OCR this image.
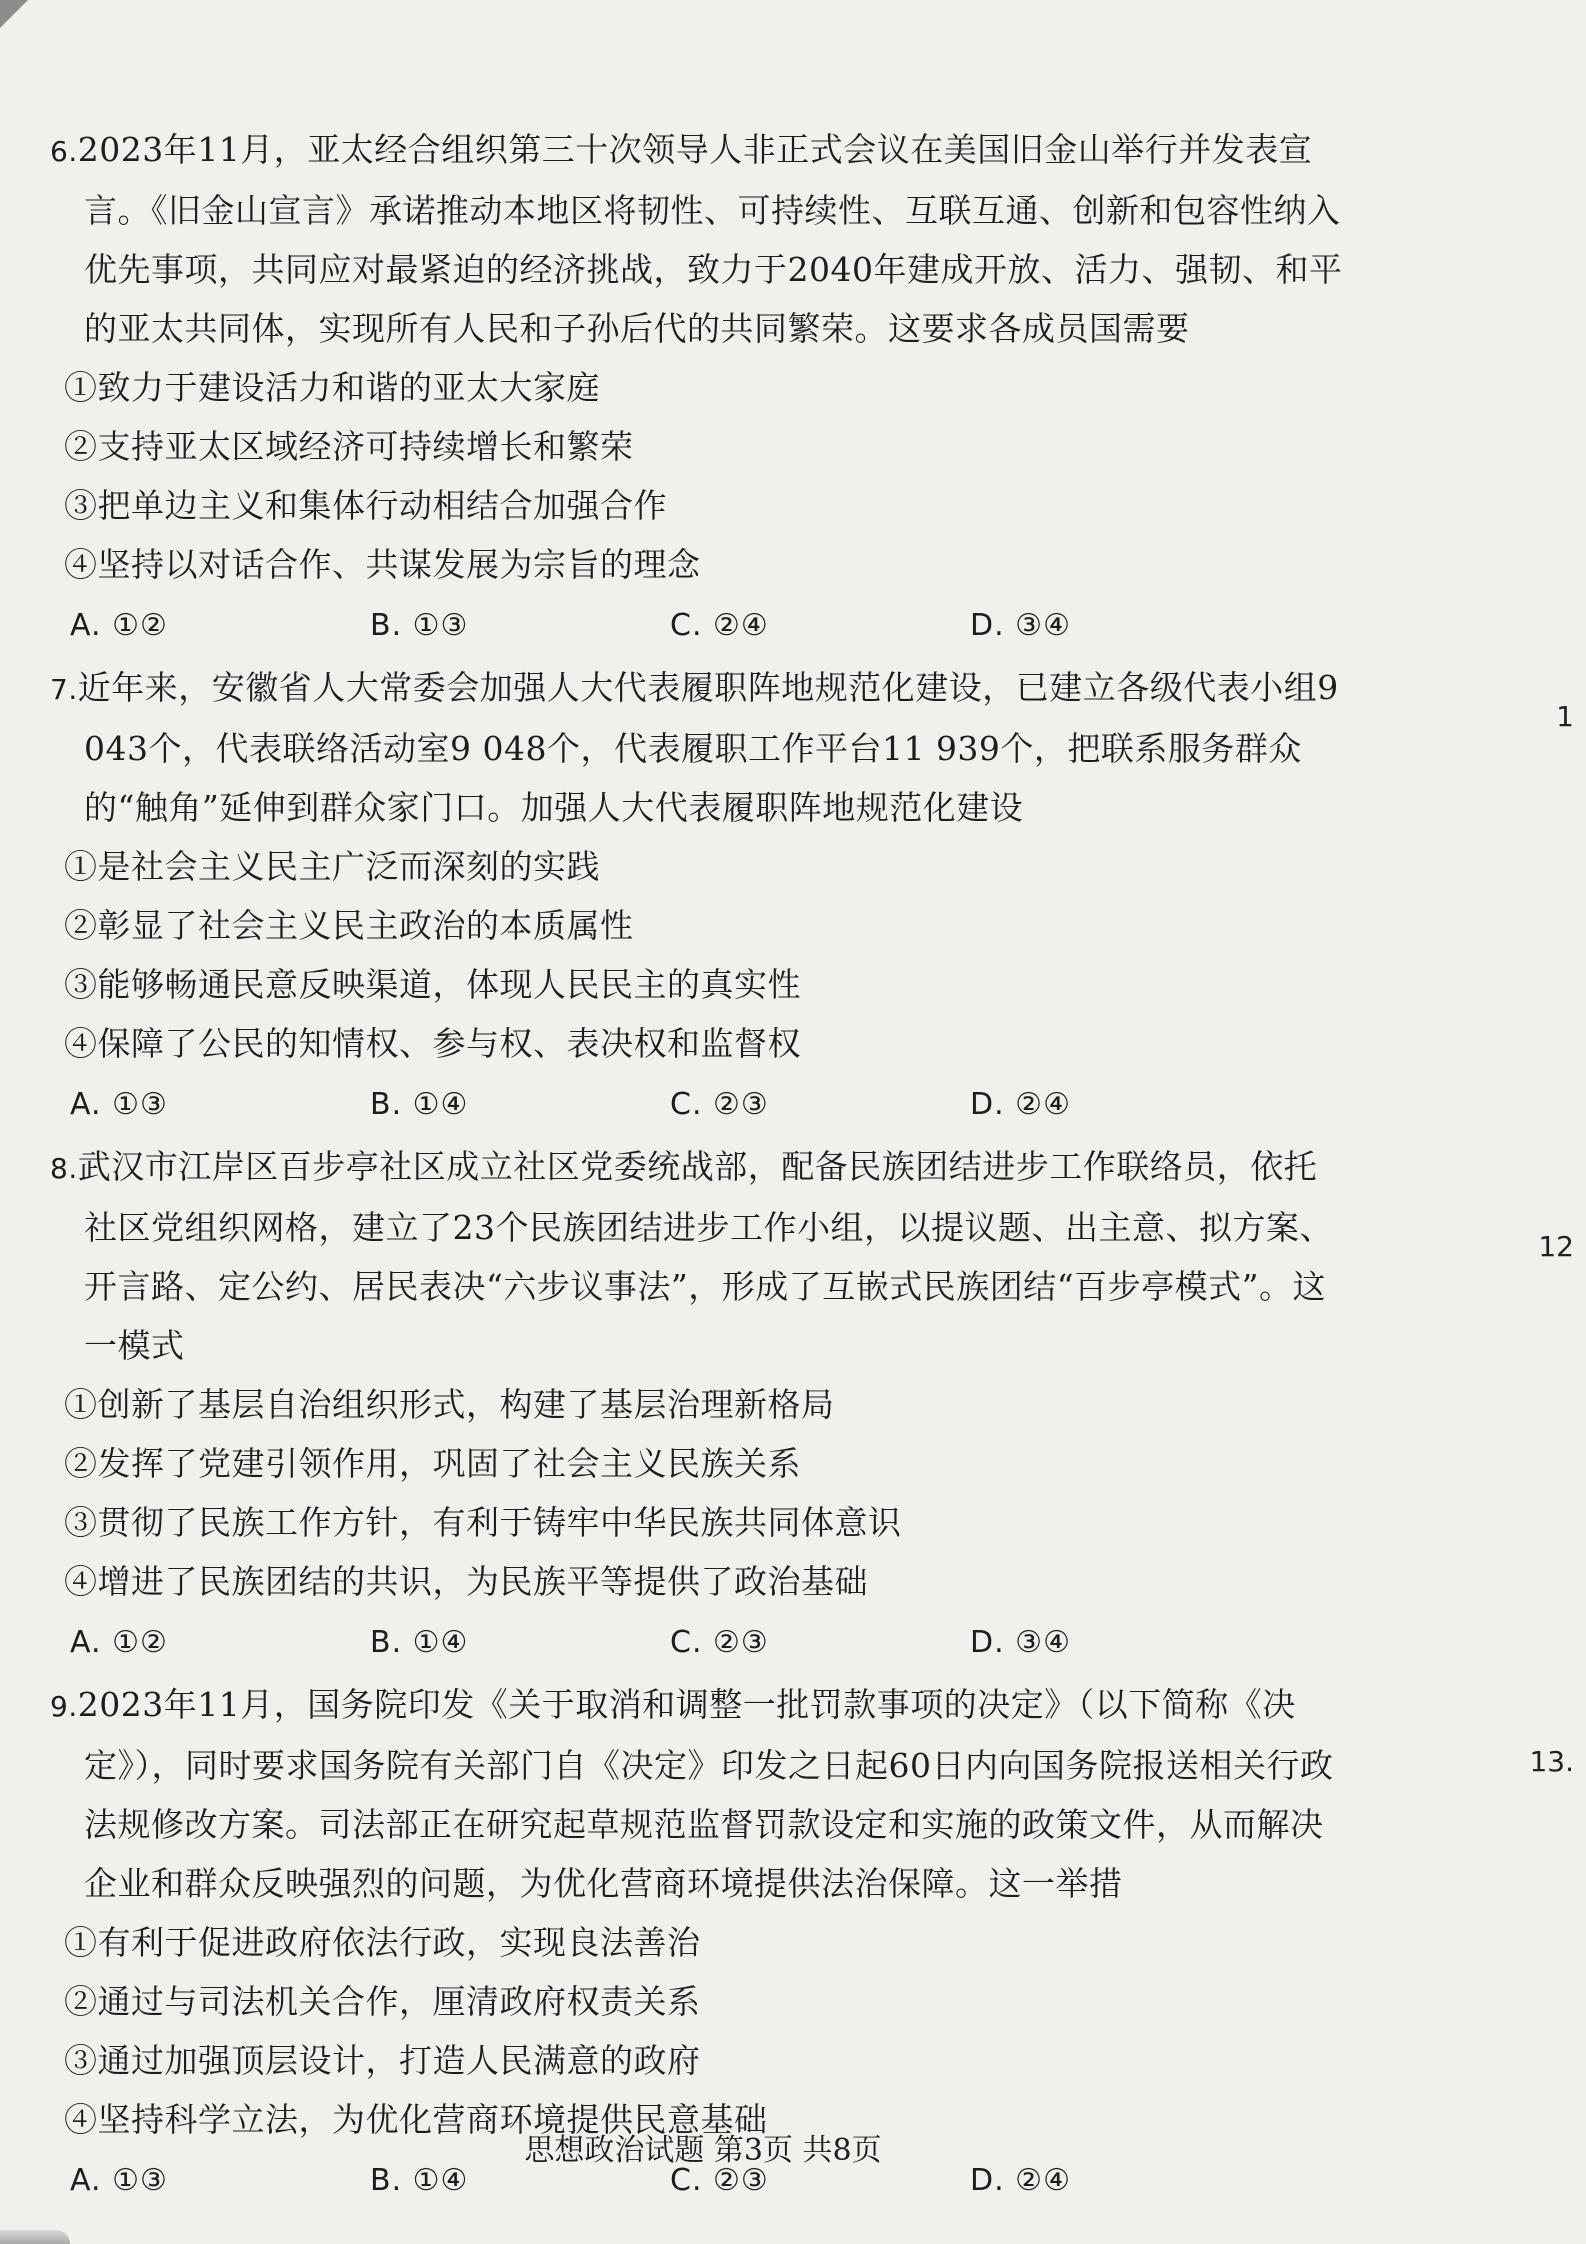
6.2023年11月，亚太经合组织第三十次领导人非正式会议在美国旧金山举行并发表宣言。《旧金山宣言》承诺推动本地区将韧性、可持续性、互联互通、创新和包容性纳入优先事项，共同应对最紧迫的经济挑战，致力于2040年建成开放、活力、强韧、和平的亚太共同体，实现所有人民和子孙后代的共同繁荣。这要求各成员国需要

①致力于建设活力和谐的亚太大家庭

②支持亚太区域经济可持续增长和繁荣

③把单边主义和集体行动相结合加强合作

④坚持以对话合作、共谋发展为宗旨的理念

A. ①②	B. ①③	C. ②④	D. ③④

7.近年来，安徽省人大常委会加强人大代表履职阵地规范化建设，已建立各级代表小组9 043个，代表联络活动室9 048个，代表履职工作平台11 939个，把联系服务群众的“触角”延伸到群众家门口。加强人大代表履职阵地规范化建设

①是社会主义民主广泛而深刻的实践

②彰显了社会主义民主政治的本质属性

③能够畅通民意反映渠道，体现人民民主的真实性

④保障了公民的知情权、参与权、表决权和监督权

A. ①③	B. ①④	C. ②③	D. ②④

8.武汉市江岸区百步亭社区成立社区党委统战部，配备民族团结进步工作联络员，依托社区党组织网格，建立了23个民族团结进步工作小组，以提议题、出主意、拟方案、开言路、定公约、居民表决“六步议事法”，形成了互嵌式民族团结“百步亭模式”。这一模式

①创新了基层自治组织形式，构建了基层治理新格局

②发挥了党建引领作用，巩固了社会主义民族关系

③贯彻了民族工作方针，有利于铸牢中华民族共同体意识

④增进了民族团结的共识，为民族平等提供了政治基础

A. ①②	B. ①④	C. ②③	D. ③④

9.2023年11月，国务院印发《关于取消和调整一批罚款事项的决定》（以下简称《决定》），同时要求国务院有关部门自《决定》印发之日起60日内向国务院报送相关行政法规修改方案。司法部正在研究起草规范监督罚款设定和实施的政策文件，从而解决企业和群众反映强烈的问题，为优化营商环境提供法治保障。这一举措

①有利于促进政府依法行政，实现良法善治

②通过与司法机关合作，厘清政府权责关系

③通过加强顶层设计，打造人民满意的政府

④坚持科学立法，为优化营商环境提供民意基础

A. ①③	B. ①④	C. ②③	D. ②④
1
12
13.
思想政治试题 第3页 共8页
